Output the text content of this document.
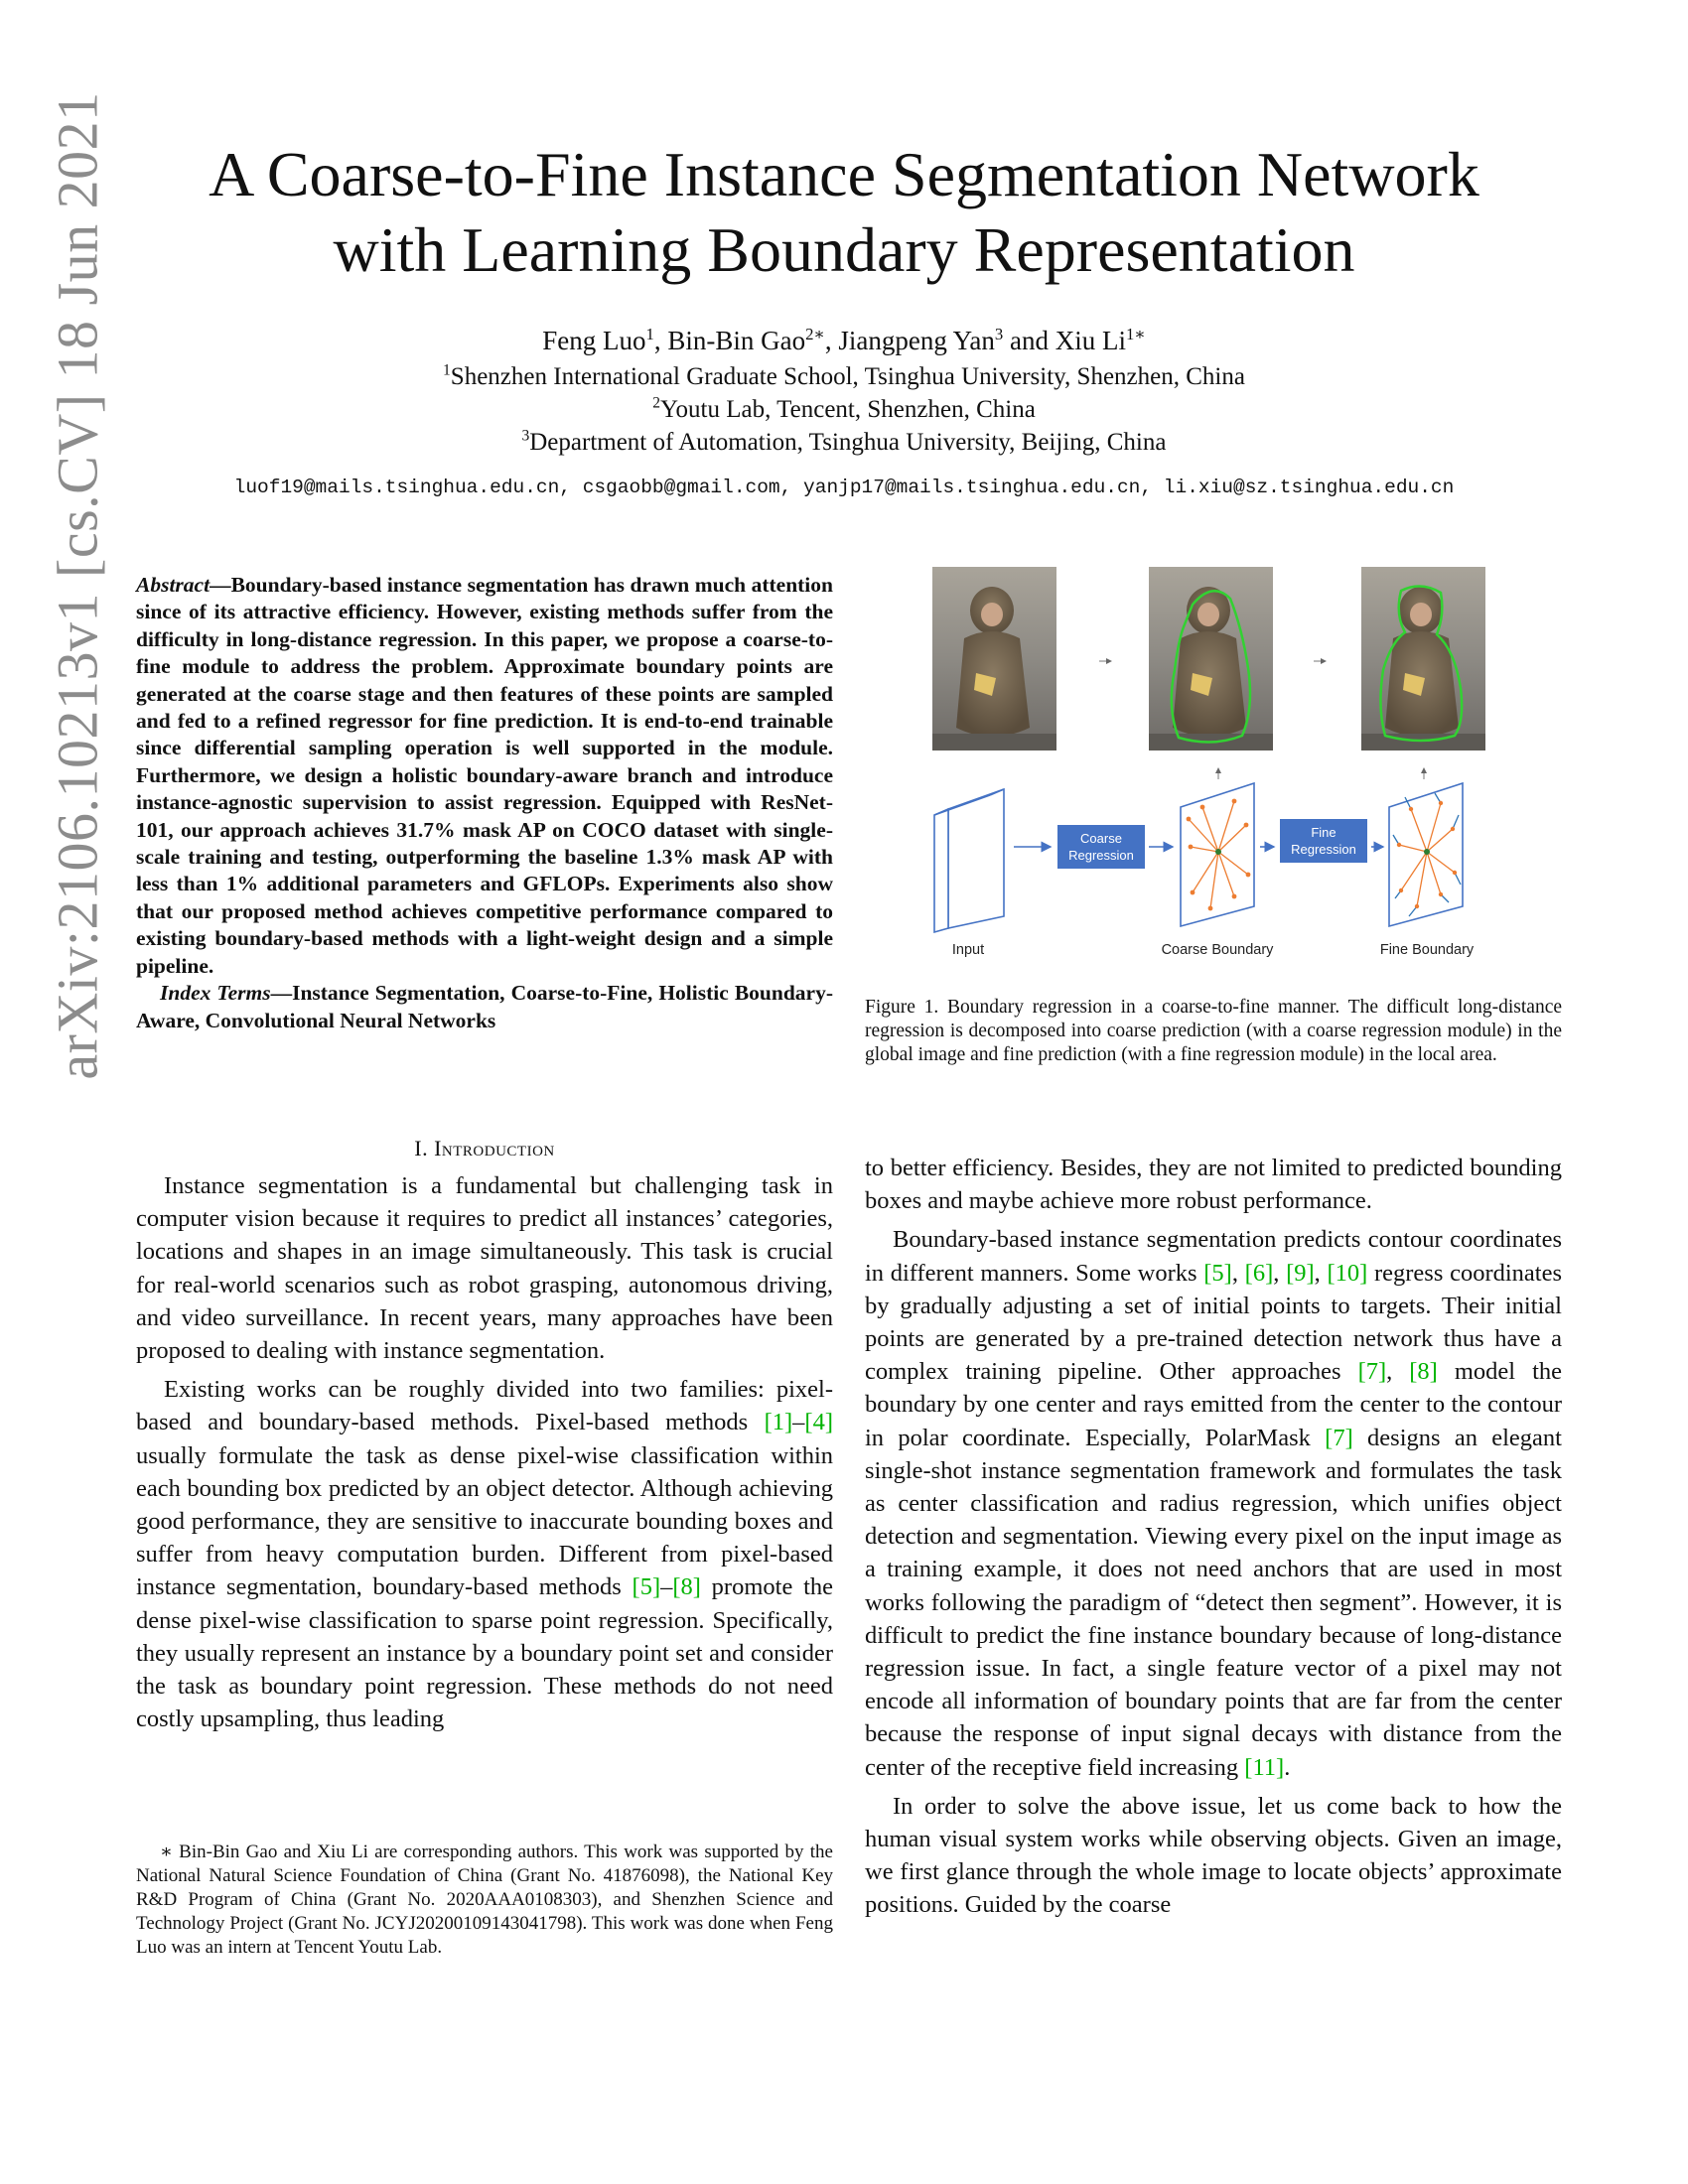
arXiv:2106.10213v1 [cs.CV] 18 Jun 2021	A Coarse-to-Fine Instance Segmentation Network
with Learning Boundary Representation
Feng Luo$^1$, Bin-Bin Gao$^{2∗}$, Jiangpeng Yan$^3$ and Xiu $Li^{1∗}$
$^1$Shenzhen International Graduate School, Tsinghua University, Shenzhen, China
$^2$Youtu Lab, Tencent, Shenzhen, China
$^3$Department of Automation, Tsinghua University, Beijing, China
luof19@mails.tsinghua.edu.cn, csgaobb@gmail.com, yanjp17@mails.tsinghua.edu.cn, li.xiu@sz.tsinghua.edu.cn

Abstract—Boundary-based instance segmentation has drawn much attention since of its attractive efficiency. However, existing methods suffer from the difficulty in long-distance regression. In this paper, we propose a coarse-to-fine module to address the problem. Approximate boundary points are generated at the coarse stage and then features of these points are sampled and fed to a refined regressor for fine prediction. It is end-to-end trainable since differential sampling operation is well supported in the module. Furthermore, we design a holistic boundary-aware branch and introduce instance-agnostic supervision to assist regression. Equipped with ResNet-101, our approach achieves 31.7% mask AP on COCO dataset with single-scale training and testing, outperforming the baseline 1.3% mask AP with less than 1% additional parameters and GFLOPs. Experiments also show that our proposed method achieves competitive performance compared to existing boundary-based methods with a light-weight design and a simple pipeline.

Index Terms—Instance Segmentation, Coarse-to-Fine, Holistic Boundary-Aware, Convolutional Neural Networks

I. Introduction

Instance segmentation is a fundamental but challenging task in computer vision because it requires to predict all instances’ categories, locations and shapes in an image simultaneously. This task is crucial for real-world scenarios such as robot grasping, autonomous driving, and video surveillance. In recent years, many approaches have been proposed to dealing with instance segmentation.

Existing works can be roughly divided into two families: pixel-based and boundary-based methods. Pixel-based methods [1]–[4] usually formulate the task as dense pixel-wise classification within each bounding box predicted by an object detector. Although achieving good performance, they are sensitive to inaccurate bounding boxes and suffer from heavy computation burden. Different from pixel-based instance segmentation, boundary-based methods [5]–[8] promote the dense pixel-wise classification to sparse point regression. Specifically, they usually represent an instance by a boundary point set and consider the task as boundary point regression. These methods do not need costly upsampling, thus leading

∗ Bin-Bin Gao and Xiu Li are corresponding authors. This work was supported by the National Natural Science Foundation of China (Grant No. 41876098), the National Key R&D Program of China (Grant No. 2020AAA0108303), and Shenzhen Science and Technology Project (Grant No. JCYJ20200109143041798). This work was done when Feng Luo was an intern at Tencent Youtu Lab.

Coarse
Regression
Fine
Regression
Input	Coarse Boundary	Fine Boundary
Figure 1. Boundary regression in a coarse-to-fine manner. The difficult long-distance regression is decomposed into coarse prediction (with a coarse regression module) in the global image and fine prediction (with a fine regression module) in the local area.

to better efficiency. Besides, they are not limited to predicted bounding boxes and maybe achieve more robust performance.

Boundary-based instance segmentation predicts contour coordinates in different manners. Some works [5], [6], [9], [10] regress coordinates by gradually adjusting a set of initial points to targets. Their initial points are generated by a pre-trained detection network thus have a complex training pipeline. Other approaches [7], [8] model the boundary by one center and rays emitted from the center to the contour in polar coordinate. Especially, PolarMask [7] designs an elegant single-shot instance segmentation framework and formulates the task as center classification and radius regression, which unifies object detection and segmentation. Viewing every pixel on the input image as a training example, it does not need anchors that are used in most works following the paradigm of “detect then segment”. However, it is difficult to predict the fine instance boundary because of long-distance regression issue. In fact, a single feature vector of a pixel may not encode all information of boundary points that are far from the center because the response of input signal decays with distance from the center of the receptive field increasing [11].

In order to solve the above issue, let us come back to how the human visual system works while observing objects. Given an image, we first glance through the whole image to locate objects’ approximate positions. Guided by the coarse
